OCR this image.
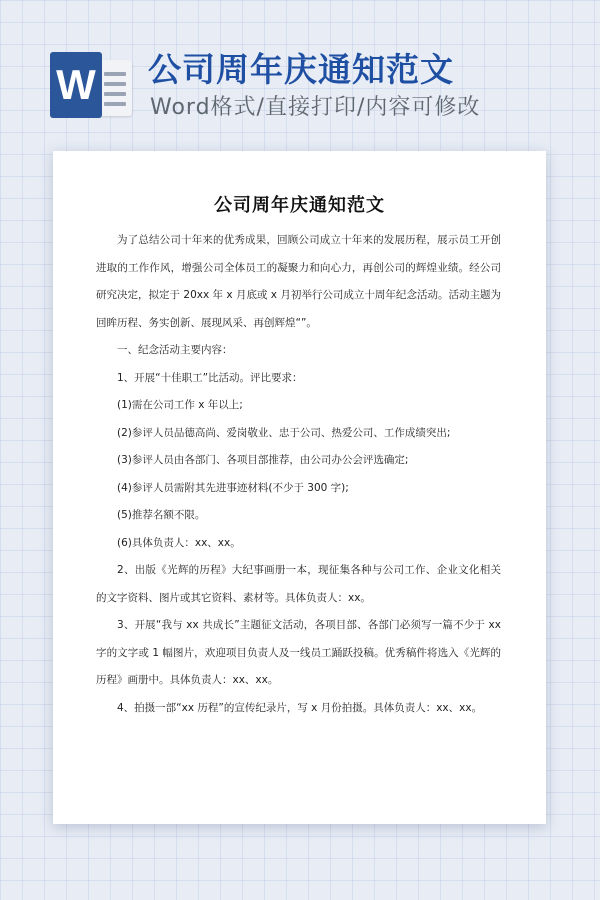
W 公司周年庆通知范文
Word格式/直接打印/内容可修改
公司周年庆通知范文

为了总结公司十年来的优秀成果，回顾公司成立十年来的发展历程，展示员工开创进取的工作作风，增强公司全体员工的凝聚力和向心力，再创公司的辉煌业绩。经公司研究决定，拟定于 20xx 年 x 月底或 x 月初举行公司成立十周年纪念活动。活动主题为回眸历程、务实创新、展现风采、再创辉煌“”。

一、纪念活动主要内容：

1、开展“十佳职工”比活动。评比要求：

(1)需在公司工作 x 年以上;

(2)参评人员品德高尚、爱岗敬业、忠于公司、热爱公司、工作成绩突出;

(3)参评人员由各部门、各项目部推荐，由公司办公会评选确定;

(4)参评人员需附其先进事迹材料(不少于 300 字);

(5)推荐名额不限。

(6)具体负责人：xx、xx。

2、出版《光辉的历程》大纪事画册一本，现征集各种与公司工作、企业文化相关的文字资料、图片或其它资料、素材等。具体负责人：xx。

3、开展“我与 xx 共成长”主题征文活动，各项目部、各部门必须写一篇不少于 xx 字的文字或 1 幅图片，欢迎项目负责人及一线员工踊跃投稿。优秀稿件将选入《光辉的历程》画册中。具体负责人：xx、xx。

4、拍摄一部“xx 历程”的宣传纪录片，写 x 月份拍摄。具体负责人：xx、xx。
